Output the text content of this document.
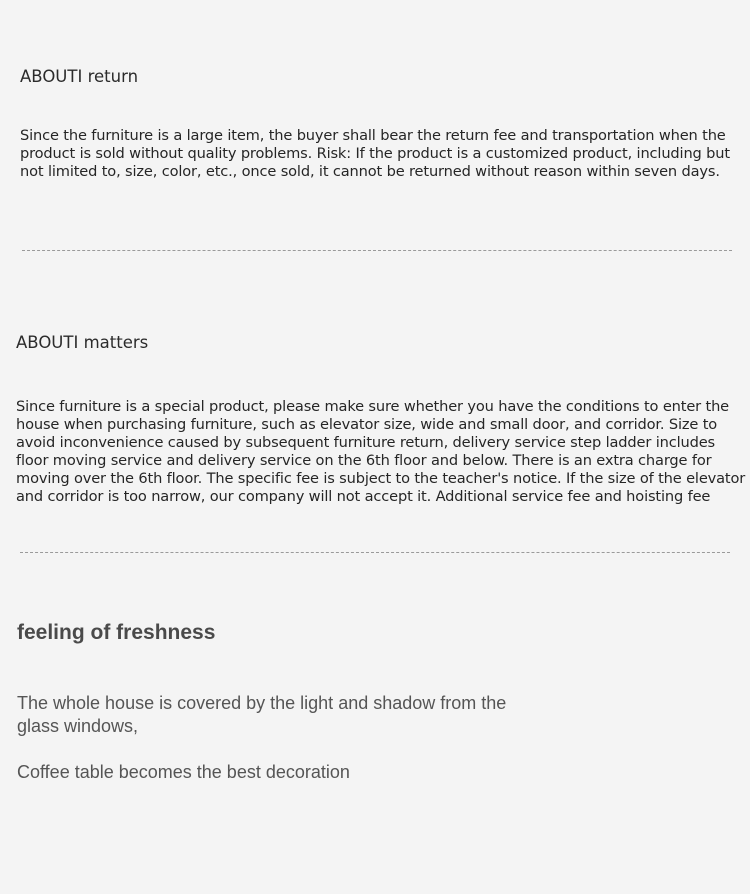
ABOUTI return
Since the furniture is a large item, the buyer shall bear the return fee and transportation when the product is sold without quality problems. Risk: If the product is a customized product, including but not limited to, size, color, etc., once sold, it cannot be returned without reason within seven days.
ABOUTI matters
Since furniture is a special product, please make sure whether you have the conditions to enter the house when purchasing furniture, such as elevator size, wide and small door, and corridor. Size to avoid inconvenience caused by subsequent furniture return, delivery service step ladder includes floor moving service and delivery service on the 6th floor and below. There is an extra charge for moving over the 6th floor. The specific fee is subject to the teacher's notice. If the size of the elevator and corridor is too narrow, our company will not accept it. Additional service fee and hoisting fee
feeling of freshness
The whole house is covered by the light and shadow from the glass windows,
Coffee table becomes the best decoration
